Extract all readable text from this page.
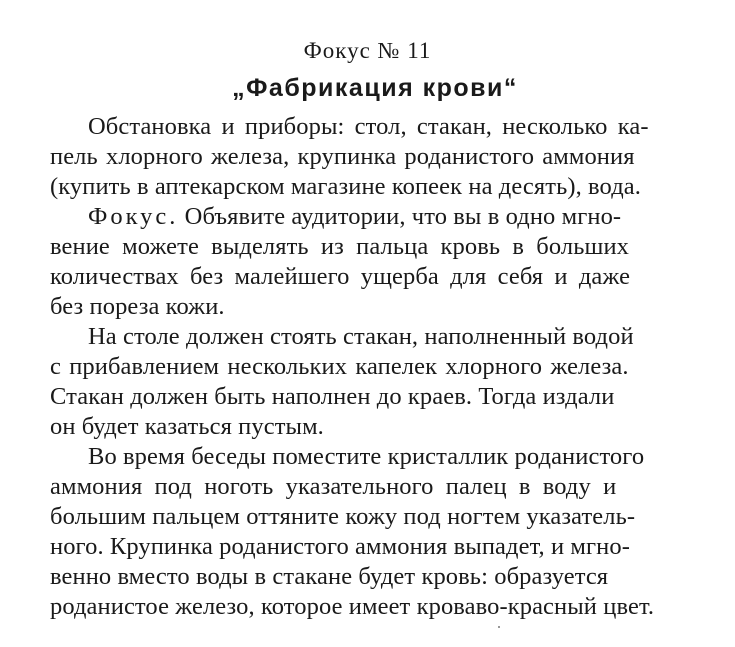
Фокус № 11
„Фабрикация крови“
Обстановка и приборы: стол, стакан, несколько ка-
пель хлорного железа, крупинка роданистого аммония
(купить в аптекарском магазине копеек на десять), вода.
Фокус. Объявите аудитории, что вы в одно мгно-
вение можете выделять из пальца кровь в больших
количествах без малейшего ущерба для себя и даже
без пореза кожи.
На столе должен стоять стакан, наполненный водой
с прибавлением нескольких капелек хлорного железа.
Стакан должен быть наполнен до краев. Тогда издали
он будет казаться пустым.
Во время беседы поместите кристаллик роданистого
аммония под ноготь указательного палец в воду и
большим пальцем оттяните кожу под ногтем указатель-
ного. Крупинка роданистого аммония выпадет, и мгно-
венно вместо воды в стакане будет кровь: образуется
роданистое железо, которое имеет кроваво-красный цвет.
